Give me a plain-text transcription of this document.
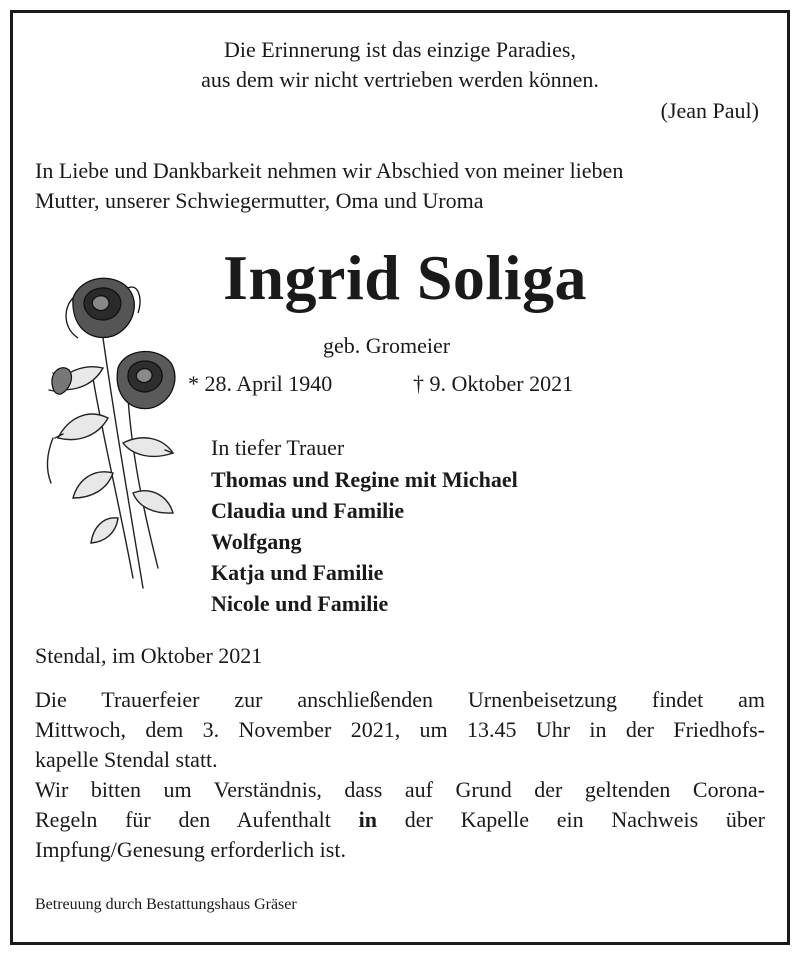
Die Erinnerung ist das einzige Paradies,
aus dem wir nicht vertrieben werden können.
(Jean Paul)
In Liebe und Dankbarkeit nehmen wir Abschied von meiner lieben
Mutter, unserer Schwiegermutter, Oma und Uroma
Ingrid Soliga
geb. Gromeier
* 28. April 1940	† 9. Oktober 2021
In tiefer Trauer
Thomas und Regine mit Michael
Claudia und Familie
Wolfgang
Katja und Familie
Nicole und Familie
Stendal, im Oktober 2021
Die Trauerfeier zur anschließenden Urnenbeisetzung findet am
Mittwoch, dem 3. November 2021, um 13.45 Uhr in der Friedhofs-
kapelle Stendal statt.
Wir bitten um Verständnis, dass auf Grund der geltenden Corona-
Regeln für den Aufenthalt in der Kapelle ein Nachweis über
Impfung/Genesung erforderlich ist.
Betreuung durch Bestattungshaus Gräser
